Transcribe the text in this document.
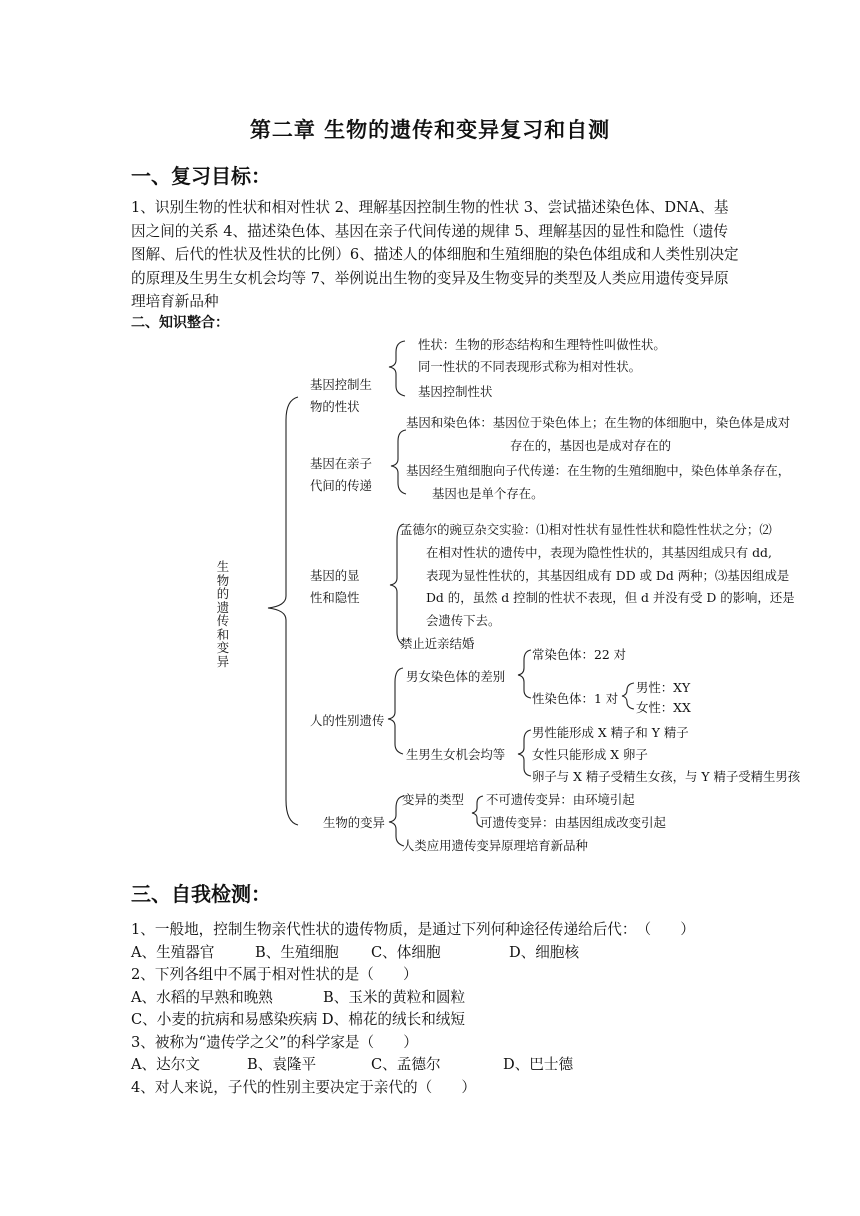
第二章 生物的遗传和变异复习和自测
一、复习目标：
1、识别生物的性状和相对性状 2、理解基因控制生物的性状 3、尝试描述染色体、DNA、基因之间的关系 4、描述染色体、基因在亲子代间传递的规律 5、理解基因的显性和隐性（遗传图解、后代的性状及性状的比例）6、描述人的体细胞和生殖细胞的染色体组成和人类性别决定的原理及生男生女机会均等 7、举例说出生物的变异及生物变异的类型及人类应用遗传变异原理培育新品种
二、知识整合：
生物的遗传和变异
基因控制生
物的性状
性状：生物的形态结构和生理特性叫做性状。
同一性状的不同表现形式称为相对性状。
基因控制性状
基因在亲子
代间的传递
基因和染色体：基因位于染色体上；在生物的体细胞中，染色体是成对
存在的，基因也是成对存在的
基因经生殖细胞向子代传递：在生物的生殖细胞中，染色体单条存在，
基因也是单个存在。
基因的显
性和隐性
孟德尔的豌豆杂交实验：⑴相对性状有显性性状和隐性性状之分；⑵
在相对性状的遗传中，表现为隐性性状的，其基因组成只有 dd,
表现为显性性状的，其基因组成有 DD 或 Dd 两种；⑶基因组成是
Dd 的，虽然 d 控制的性状不表现，但 d 并没有受 D 的影响，还是
会遗传下去。
禁止近亲结婚
人的性别遗传
男女染色体的差别
常染色体：22 对
性染色体：1 对
男性：XY
女性：XX
生男生女机会均等
男性能形成 X 精子和 Y 精子
女性只能形成 X 卵子
卵子与 X 精子受精生女孩，与 Y 精子受精生男孩
生物的变异
变异的类型 不可遗传变异：由环境引起
可遗传变异：由基因组成改变引起
人类应用遗传变异原理培育新品种
三、自我检测：
1、一般地，控制生物亲代性状的遗传物质，是通过下列何种途径传递给后代：　（　　）
A、生殖器官	B、生殖细胞 C、体细胞	D、细胞核
2、下列各组中不属于相对性状的是（　　）
A、水稻的早熟和晚熟	B、玉米的黄粒和圆粒
C、小麦的抗病和易感染疾病 D、棉花的绒长和绒短
3、被称为“遗传学之父”的科学家是（　　）
A、达尔文	B、袁隆平	C、孟德尔	D、巴士德
4、对人来说，子代的性别主要决定于亲代的（　　）
